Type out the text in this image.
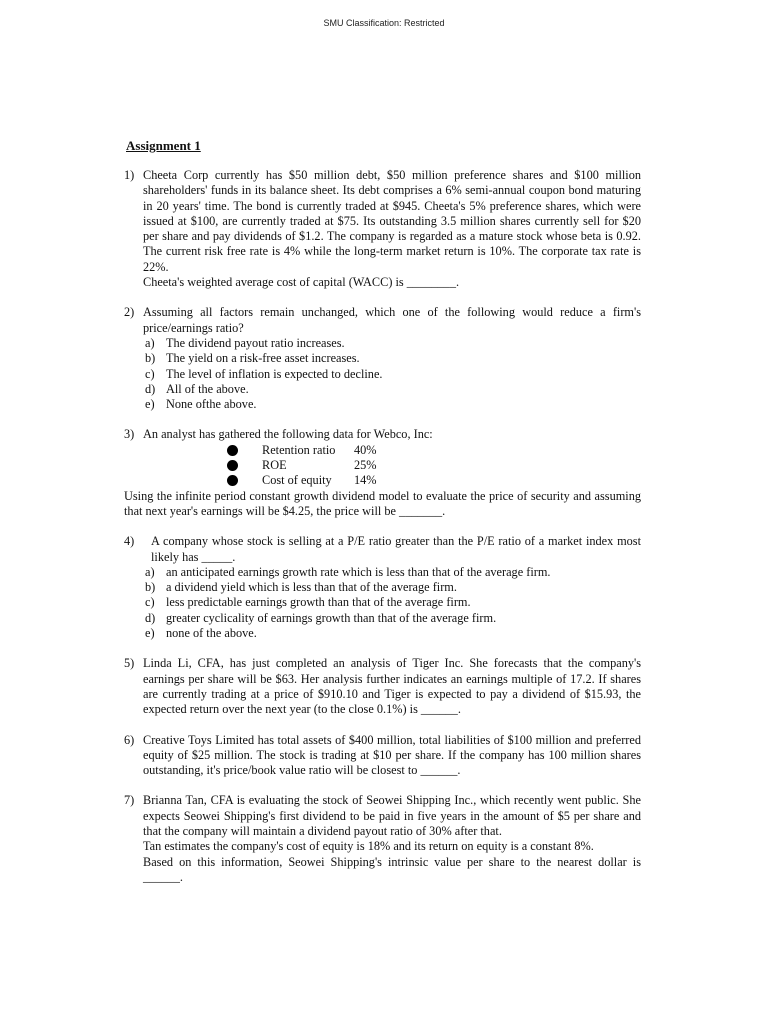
SMU Classification: Restricted
Assignment 1
1) Cheeta Corp currently has $50 million debt, $50 million preference shares and $100 million shareholders' funds in its balance sheet. Its debt comprises a 6% semi-annual coupon bond maturing in 20 years' time. The bond is currently traded at $945. Cheeta's 5% preference shares, which were issued at $100, are currently traded at $75. Its outstanding 3.5 million shares currently sell for $20 per share and pay dividends of $1.2. The company is regarded as a mature stock whose beta is 0.92. The current risk free rate is 4% while the long-term market return is 10%. The corporate tax rate is 22%.

Cheeta's weighted average cost of capital (WACC) is ________.

2) Assuming all factors remain unchanged, which one of the following would reduce a firm's price/earnings ratio?

a) The dividend payout ratio increases.
b) The yield on a risk-free asset increases.
c) The level of inflation is expected to decline.
d) All of the above.
e) None ofthe above.
3) An analyst has gathered the following data for Webco, Inc:

Retention ratio	40%
ROE	25%
Cost of equity	14%

Using the infinite period constant growth dividend model to evaluate the price of security and assuming that next year's earnings will be $4.25, the price will be _______.

4) A company whose stock is selling at a P/E ratio greater than the P/E ratio of a market index most likely has _____.

a) an anticipated earnings growth rate which is less than that of the average firm.
b) a dividend yield which is less than that of the average firm.
c) less predictable earnings growth than that of the average firm.
d) greater cyclicality of earnings growth than that of the average firm.
e) none of the above.
5) Linda Li, CFA, has just completed an analysis of Tiger Inc. She forecasts that the company's earnings per share will be $63. Her analysis further indicates an earnings multiple of 17.2. If shares are currently trading at a price of $910.10 and Tiger is expected to pay a dividend of $15.93, the expected return over the next year (to the close 0.1%) is ______.

6) Creative Toys Limited has total assets of $400 million, total liabilities of $100 million and preferred equity of $25 million. The stock is trading at $10 per share. If the company has 100 million shares outstanding, it's price/book value ratio will be closest to ______.

7) Brianna Tan, CFA is evaluating the stock of Seowei Shipping Inc., which recently went public. She expects Seowei Shipping's first dividend to be paid in five years in the amount of $5 per share and that the company will maintain a dividend payout ratio of 30% after that.

Tan estimates the company's cost of equity is 18% and its return on equity is a constant 8%.

Based on this information, Seowei Shipping's intrinsic value per share to the nearest dollar is ______.
